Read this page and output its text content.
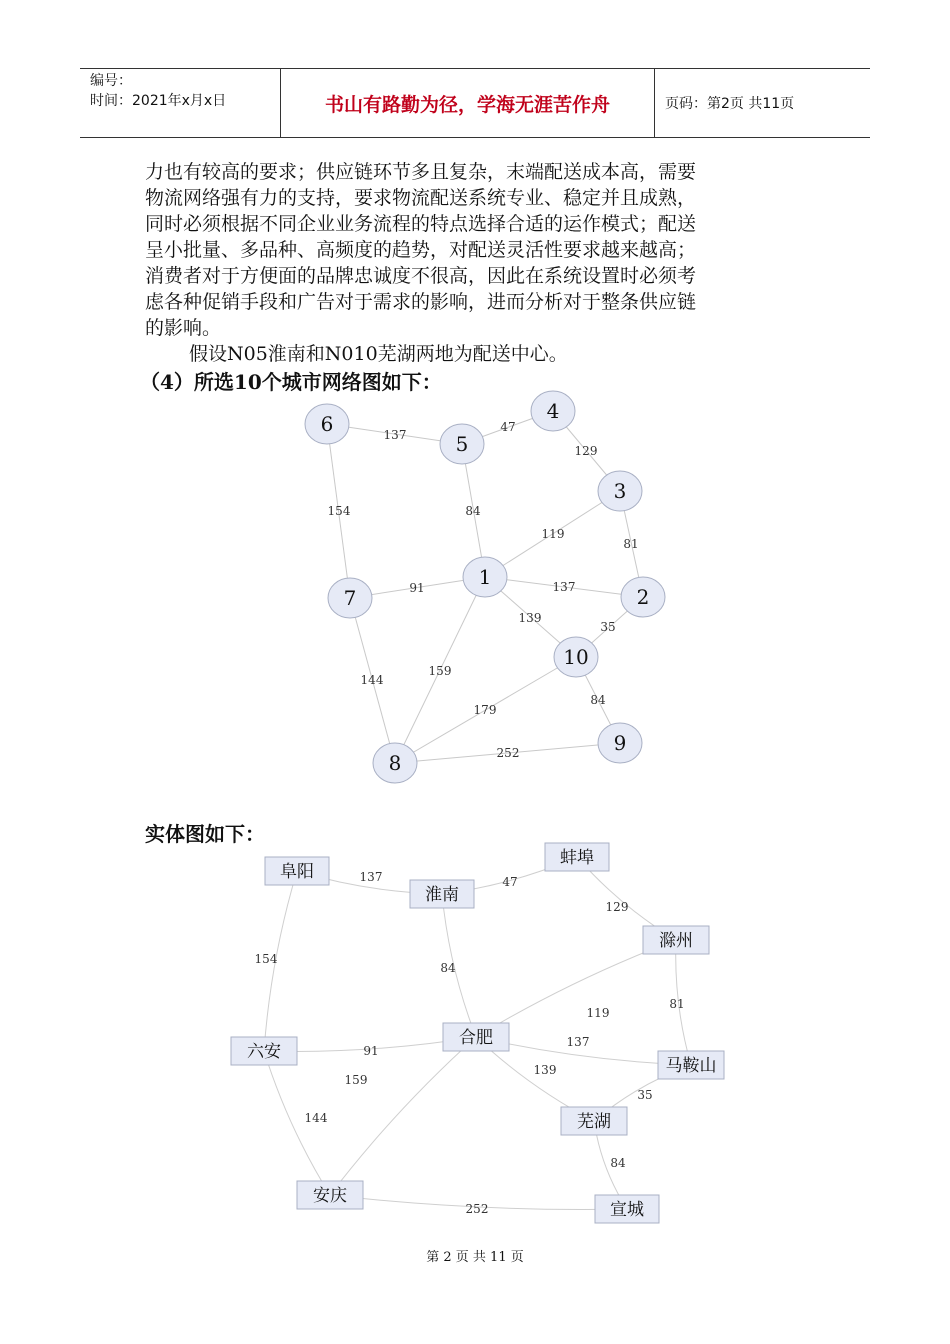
编号：
时间：2021年x月x日	书山有路勤为径，学海无涯苦作舟	页码：第2页 共11页
力也有较高的要求；供应链环节多且复杂，末端配送成本高，需要
物流网络强有力的支持，要求物流配送系统专业、稳定并且成熟，
同时必须根据不同企业业务流程的特点选择合适的运作模式；配送
呈小批量、多品种、高频度的趋势，对配送灵活性要求越来越高；
消费者对于方便面的品牌忠诚度不很高，因此在系统设置时必须考
虑各种促销手段和广告对于需求的影响，进而分析对于整条供应链
的影响。
假设N05淮南和N010芜湖两地为配送中心。
（4）所选10个城市网络图如下：
137
47
129
154	84
119
81
91	137
139
35
144
159
179
84
252
1
2
3
4
5
6
7
8
9
10
实体图如下：
137	47
129
154
84
119
81
91
137
139
35
144
159
84
252
阜阳
淮南
蚌埠
滁州
合肥
六安
马鞍山
芜湖
安庆
宣城
第 2 页 共 11 页
